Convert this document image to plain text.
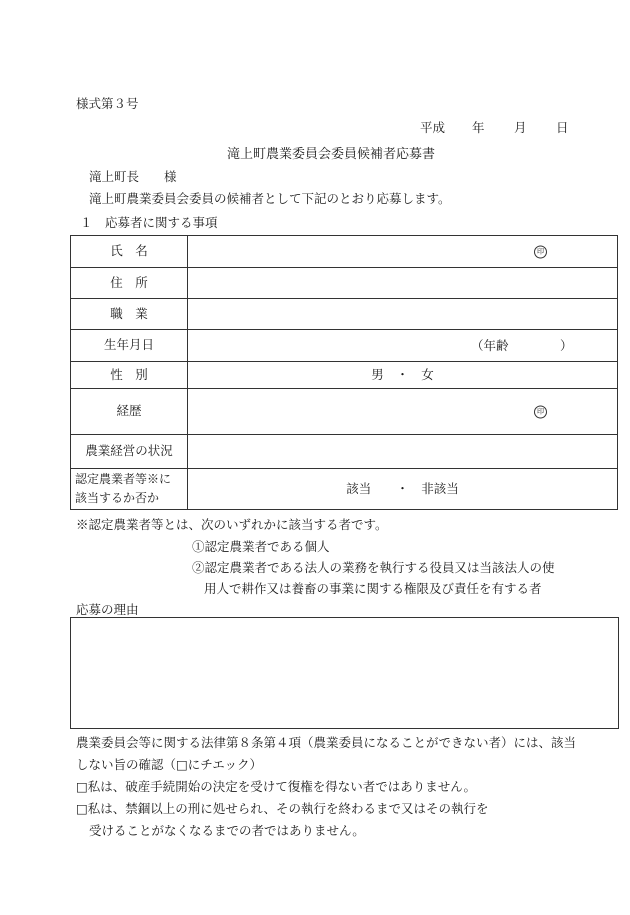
様式第３号
平成 年 月 日
滝上町農業委員会委員候補者応募書
滝上町長　　様
滝上町農業委員会委員の候補者として下記のとおり応募します。
１　応募者に関する事項
氏　名	印

住　所	
職　業	
生年月日	（年齢 ）

性　別	男　・　女
経歴	印

農業経営の状況	

認定農業者等※に
該当するか否か	該当　　・　非該当
※認定農業者等とは、次のいずれかに該当する者です。
①認定農業者である個人
②認定農業者である法人の業務を執行する役員又は当該法人の使
用人で耕作又は養畜の事業に関する権限及び責任を有する者
応募の理由
農業委員会等に関する法律第８条第４項（農業委員になることができない者）には、該当
しない旨の確認（□にチエック）
□私は、破産手続開始の決定を受けて復権を得ない者ではありません。
□私は、禁錮以上の刑に処せられ、その執行を終わるまで又はその執行を
受けることがなくなるまでの者ではありません。
